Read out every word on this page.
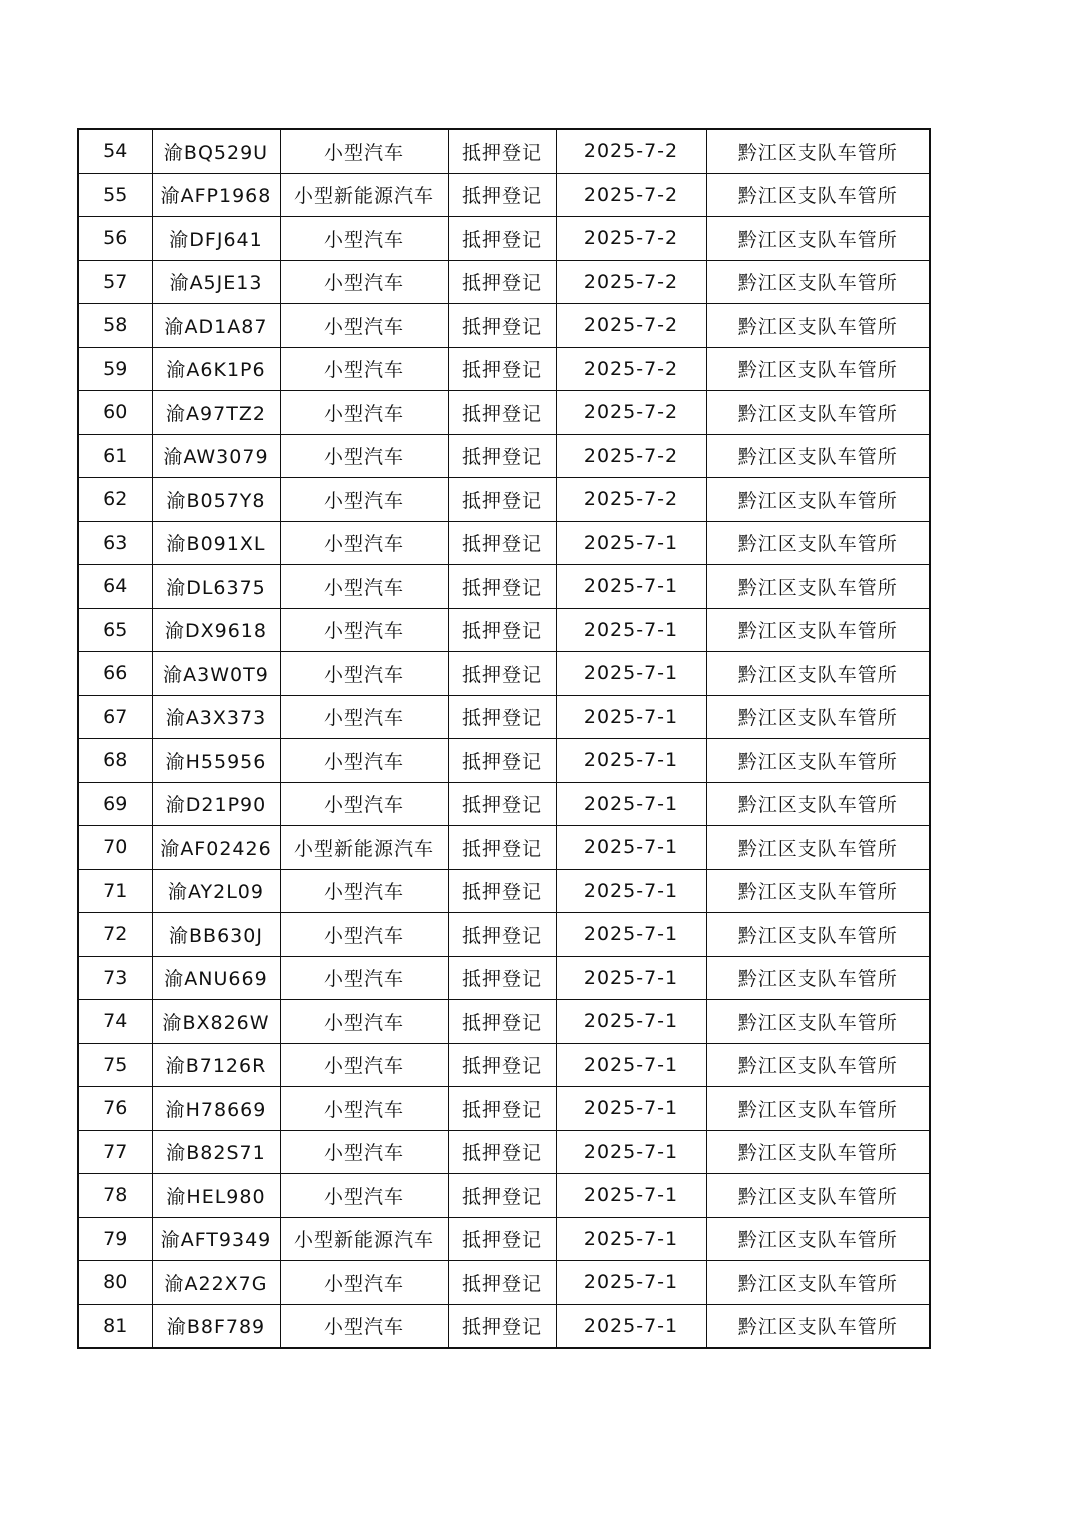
54	渝BQ529U	小型汽车	抵押登记	2025-7-2	黔江区支队车管所
55	渝AFP1968	小型新能源汽车	抵押登记	2025-7-2	黔江区支队车管所
56	渝DFJ641	小型汽车	抵押登记	2025-7-2	黔江区支队车管所
57	渝A5JE13	小型汽车	抵押登记	2025-7-2	黔江区支队车管所
58	渝AD1A87	小型汽车	抵押登记	2025-7-2	黔江区支队车管所
59	渝A6K1P6	小型汽车	抵押登记	2025-7-2	黔江区支队车管所
60	渝A97TZ2	小型汽车	抵押登记	2025-7-2	黔江区支队车管所
61	渝AW3079	小型汽车	抵押登记	2025-7-2	黔江区支队车管所
62	渝B057Y8	小型汽车	抵押登记	2025-7-2	黔江区支队车管所
63	渝B091XL	小型汽车	抵押登记	2025-7-1	黔江区支队车管所
64	渝DL6375	小型汽车	抵押登记	2025-7-1	黔江区支队车管所
65	渝DX9618	小型汽车	抵押登记	2025-7-1	黔江区支队车管所
66	渝A3W0T9	小型汽车	抵押登记	2025-7-1	黔江区支队车管所
67	渝A3X373	小型汽车	抵押登记	2025-7-1	黔江区支队车管所
68	渝H55956	小型汽车	抵押登记	2025-7-1	黔江区支队车管所
69	渝D21P90	小型汽车	抵押登记	2025-7-1	黔江区支队车管所
70	渝AF02426	小型新能源汽车	抵押登记	2025-7-1	黔江区支队车管所
71	渝AY2L09	小型汽车	抵押登记	2025-7-1	黔江区支队车管所
72	渝BB630J	小型汽车	抵押登记	2025-7-1	黔江区支队车管所
73	渝ANU669	小型汽车	抵押登记	2025-7-1	黔江区支队车管所
74	渝BX826W	小型汽车	抵押登记	2025-7-1	黔江区支队车管所
75	渝B7126R	小型汽车	抵押登记	2025-7-1	黔江区支队车管所
76	渝H78669	小型汽车	抵押登记	2025-7-1	黔江区支队车管所
77	渝B82S71	小型汽车	抵押登记	2025-7-1	黔江区支队车管所
78	渝HEL980	小型汽车	抵押登记	2025-7-1	黔江区支队车管所
79	渝AFT9349	小型新能源汽车	抵押登记	2025-7-1	黔江区支队车管所
80	渝A22X7G	小型汽车	抵押登记	2025-7-1	黔江区支队车管所
81	渝B8F789	小型汽车	抵押登记	2025-7-1	黔江区支队车管所
